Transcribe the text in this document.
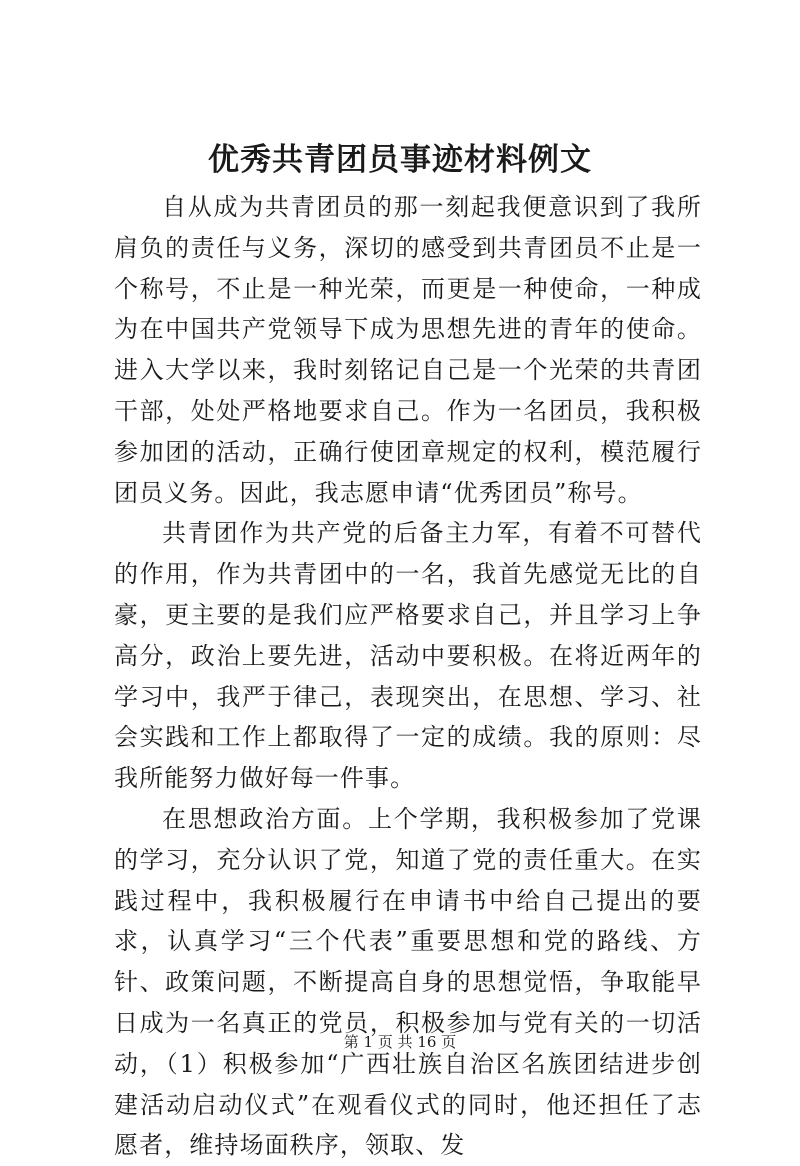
优秀共青团员事迹材料例文

自从成为共青团员的那一刻起我便意识到了我所肩负的责任与义务，深切的感受到共青团员不止是一个称号，不止是一种光荣，而更是一种使命，一种成为在中国共产党领导下成为思想先进的青年的使命。进入大学以来，我时刻铭记自己是一个光荣的共青团干部，处处严格地要求自己。作为一名团员，我积极参加团的活动，正确行使团章规定的权利，模范履行团员义务。因此，我志愿申请“优秀团员”称号。

共青团作为共产党的后备主力军，有着不可替代的作用，作为共青团中的一名，我首先感觉无比的自豪，更主要的是我们应严格要求自己，并且学习上争高分，政治上要先进，活动中要积极。在将近两年的学习中，我严于律己，表现突出，在思想、学习、社会实践和工作上都取得了一定的成绩。我的原则：尽我所能努力做好每一件事。

在思想政治方面。上个学期，我积极参加了党课的学习，充分认识了党，知道了党的责任重大。在实践过程中，我积极履行在申请书中给自己提出的要求，认真学习“三个代表”重要思想和党的路线、方针、政策问题，不断提高自身的思想觉悟，争取能早日成为一名真正的党员，积极参加与党有关的一切活动，（1）积极参加“广西壮族自治区名族团结进步创建活动启动仪式”在观看仪式的同时，他还担任了志愿者，维持场面秩序，领取、发

第 1 页 共 16 页
